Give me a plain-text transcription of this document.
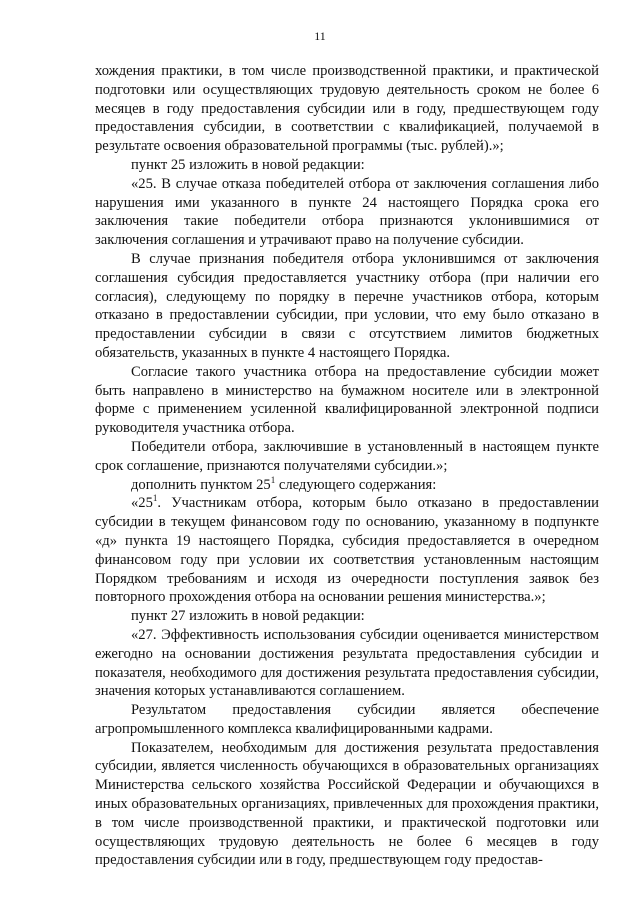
11

хождения практики, в том числе производственной практики, и практической подготовки или осуществляющих трудовую деятельность сроком не более 6 месяцев в году предоставления субсидии или в году, предшествующем году предоставления субсидии, в соответствии с квалификацией, получаемой в результате освоения образовательной программы (тыс. рублей).»;

пункт 25 изложить в новой редакции:

«25. В случае отказа победителей отбора от заключения соглашения либо нарушения ими указанного в пункте 24 настоящего Порядка срока его заключения такие победители отбора признаются уклонившимися от заключения соглашения и утрачивают право на получение субсидии.

В случае признания победителя отбора уклонившимся от заключения соглашения субсидия предоставляется участнику отбора (при наличии его согласия), следующему по порядку в перечне участников отбора, которым отказано в предоставлении субсидии, при условии, что ему было отказано в предоставлении субсидии в связи с отсутствием лимитов бюджетных обязательств, указанных в пункте 4 настоящего Порядка.

Согласие такого участника отбора на предоставление субсидии может быть направлено в министерство на бумажном носителе или в электронной форме с применением усиленной квалифицированной электронной подписи руководителя участника отбора.

Победители отбора, заключившие в установленный в настоящем пункте срок соглашение, признаются получателями субсидии.»;

дополнить пунктом $25^1$ следующего содержания:

«$25^1$. Участникам отбора, которым было отказано в предоставлении субсидии в текущем финансовом году по основанию, указанному в подпункте «д» пункта 19 настоящего Порядка, субсидия предоставляется в очередном финансовом году при условии их соответствия установленным настоящим Порядком требованиям и исходя из очередности поступления заявок без повторного прохождения отбора на основании решения министерства.»;

пункт 27 изложить в новой редакции:

«27. Эффективность использования субсидии оценивается министерством ежегодно на основании достижения результата предоставления субсидии и показателя, необходимого для достижения результата предоставления субсидии, значения которых устанавливаются соглашением.

Результатом предоставления субсидии является обеспечение агропромышленного комплекса квалифицированными кадрами.

Показателем, необходимым для достижения результата предоставления субсидии, является численность обучающихся в образовательных организациях Министерства сельского хозяйства Российской Федерации и обучающихся в иных образовательных организациях, привлеченных для прохождения практики, в том числе производственной практики, и практической подготовки или осуществляющих трудовую деятельность не более 6 месяцев в году предоставления субсидии или в году, предшествующем году предостав-
